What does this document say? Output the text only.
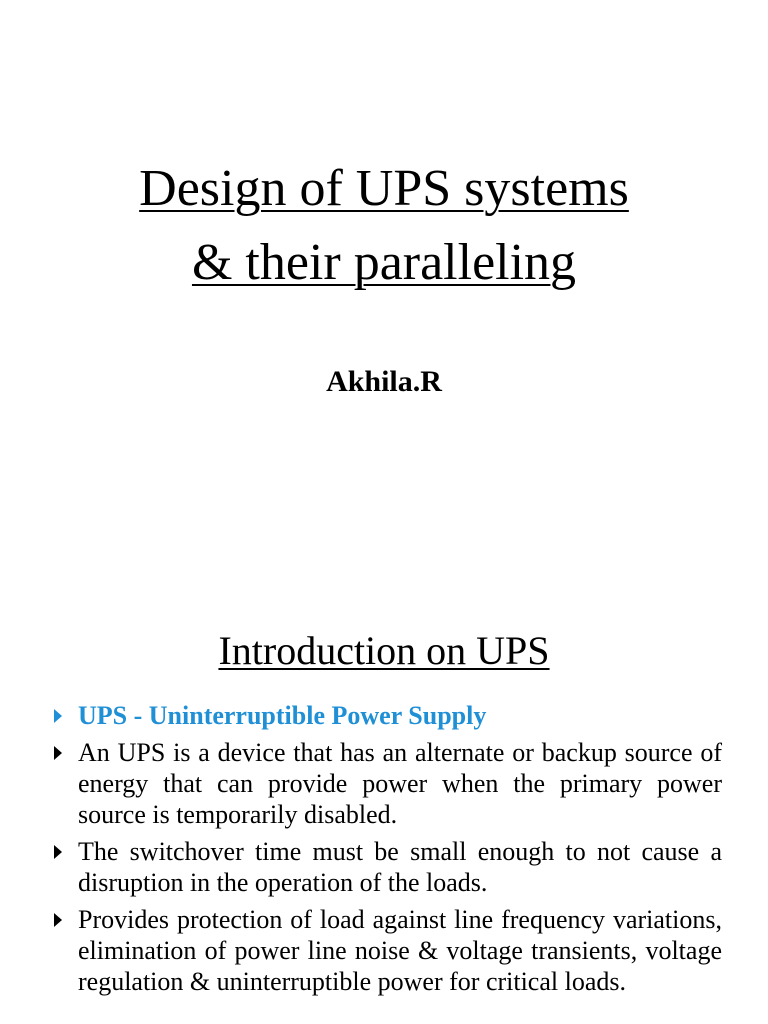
Design of UPS systems
& their paralleling
Akhila.R
Introduction on UPS
UPS - Uninterruptible Power Supply
An UPS is a device that has an alternate or backup source of energy that can provide power when the primary power source is temporarily disabled.
The switchover time must be small enough to not cause a disruption in the operation of the loads.
Provides protection of load against line frequency variations, elimination of power line noise & voltage transients, voltage regulation & uninterruptible power for critical loads.
